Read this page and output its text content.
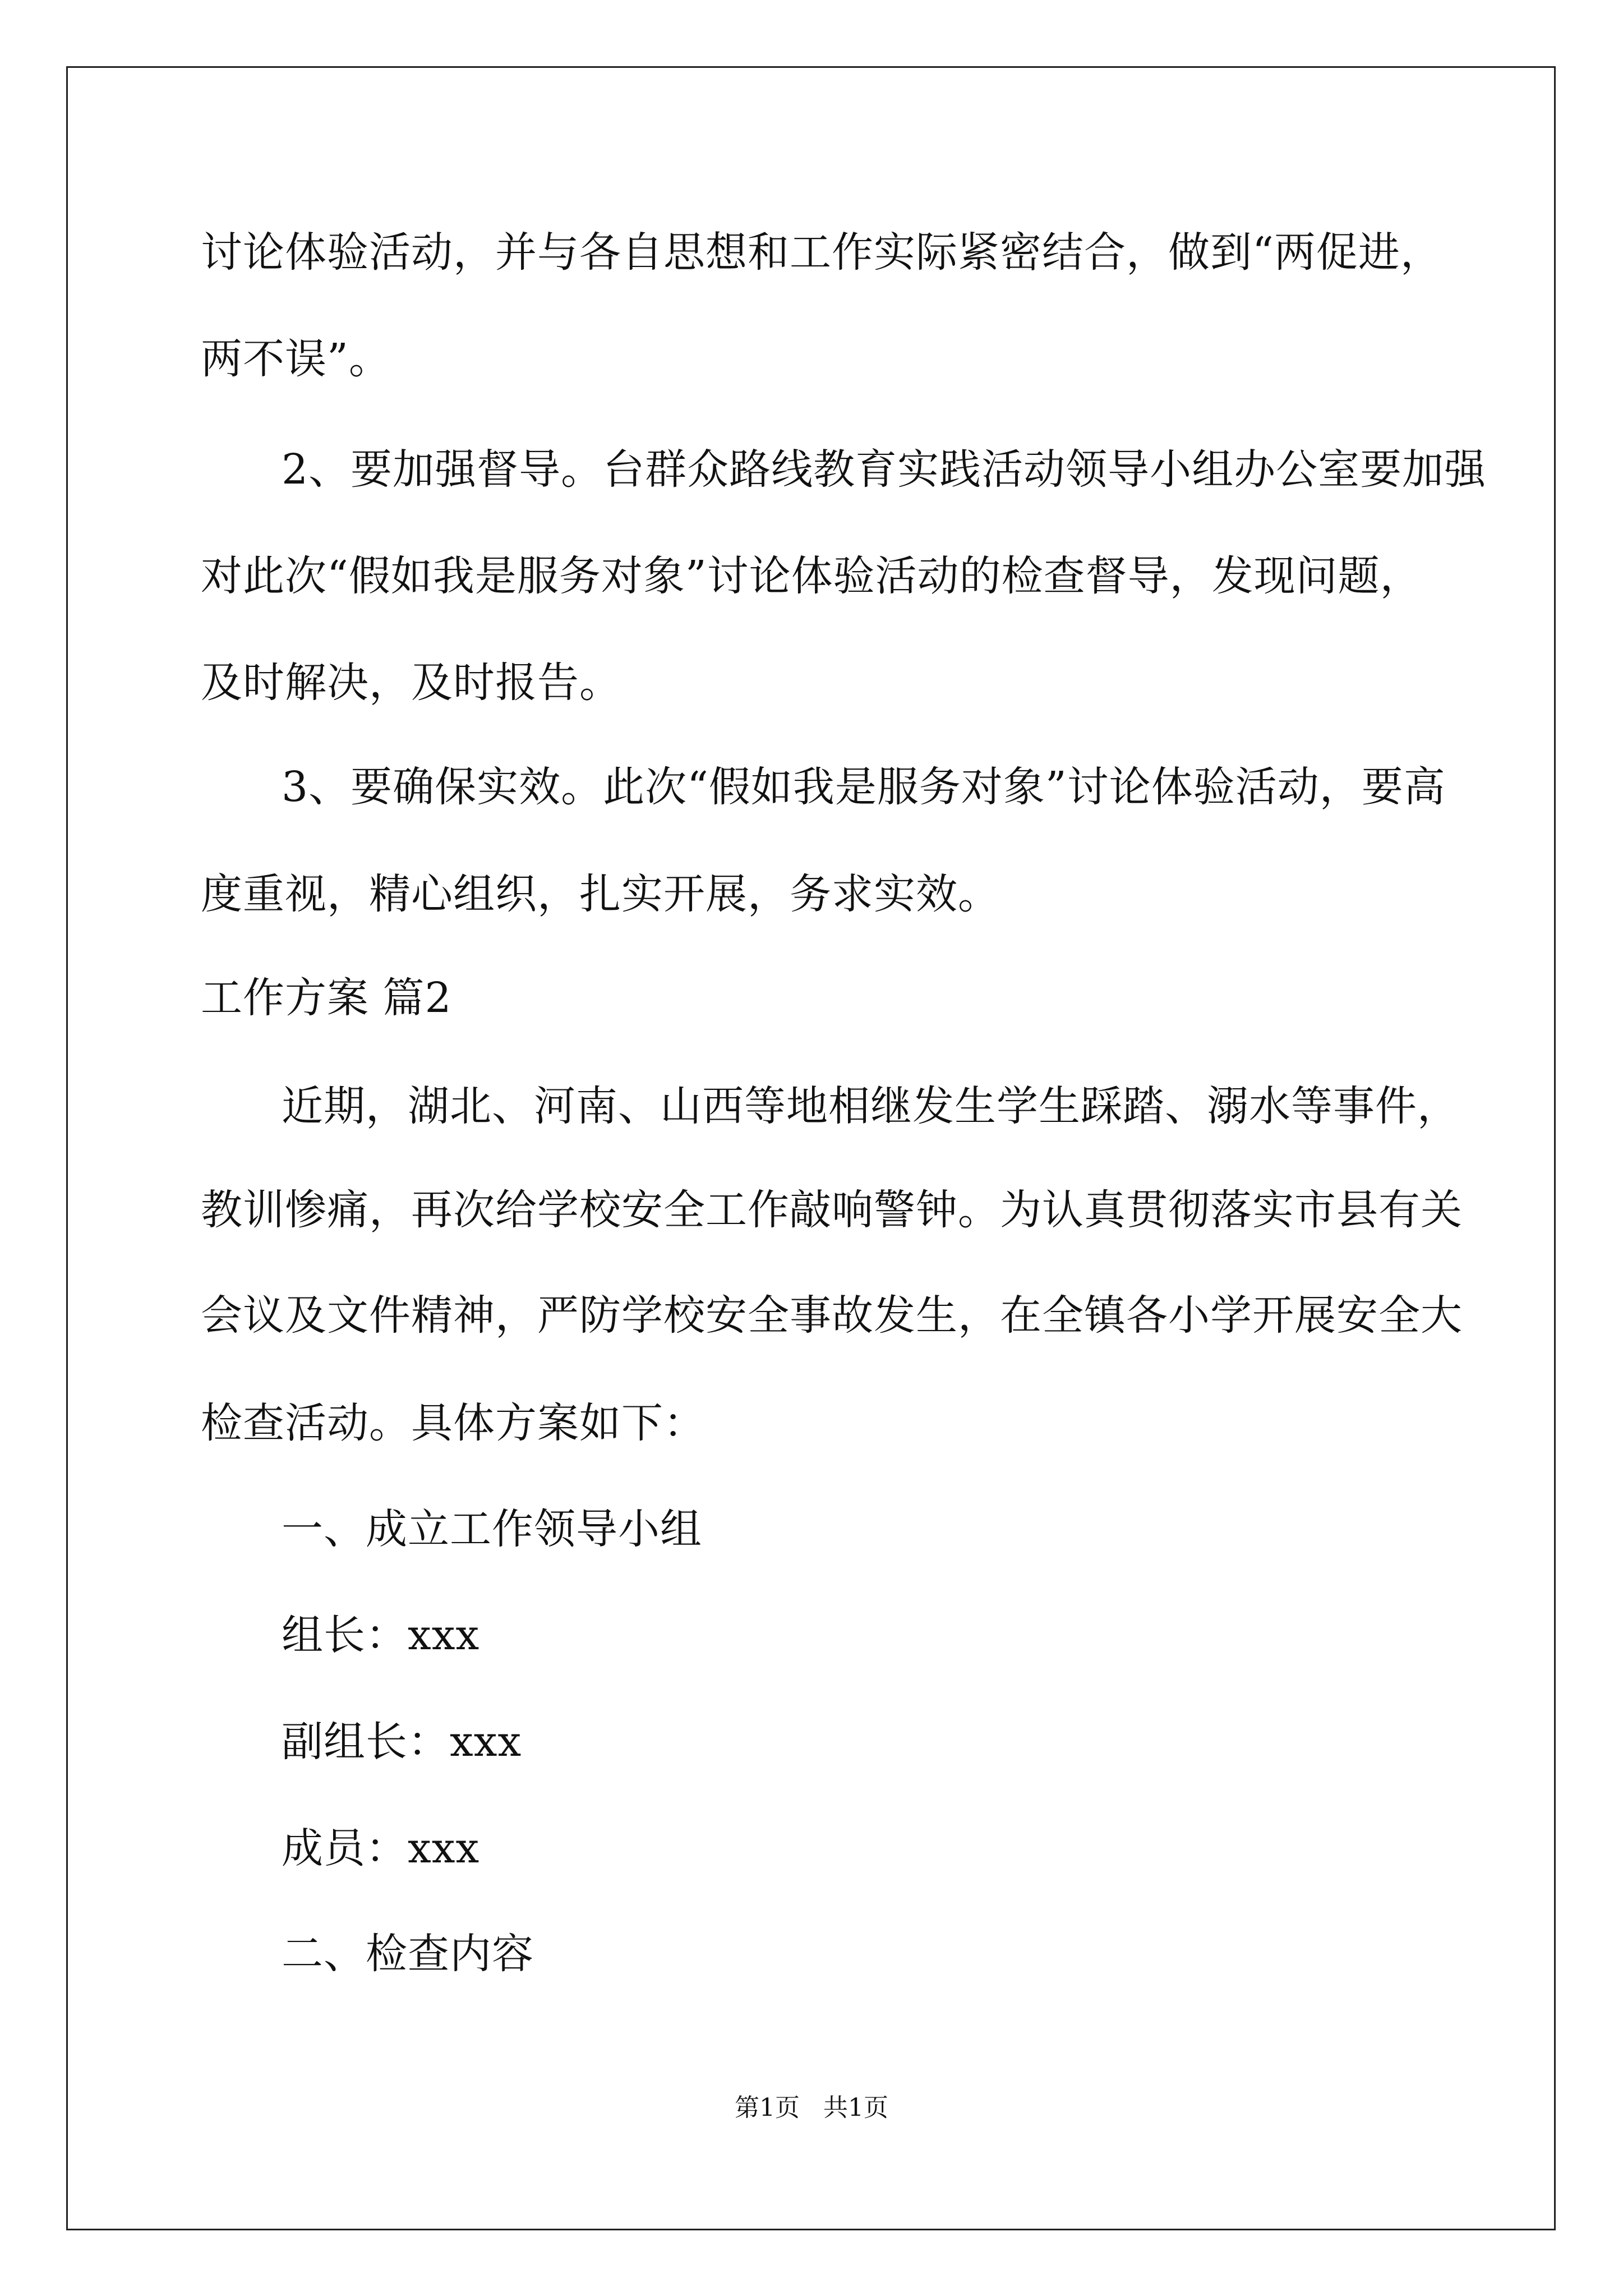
讨论体验活动，并与各自思想和工作实际紧密结合，做到“两促进，
两不误”。
2、要加强督导。台群众路线教育实践活动领导小组办公室要加强
对此次“假如我是服务对象”讨论体验活动的检查督导，发现问题，
及时解决，及时报告。
3、要确保实效。此次“假如我是服务对象”讨论体验活动，要高
度重视，精心组织，扎实开展，务求实效。
工作方案 篇2
近期，湖北、河南、山西等地相继发生学生踩踏、溺水等事件，
教训惨痛，再次给学校安全工作敲响警钟。为认真贯彻落实市县有关
会议及文件精神，严防学校安全事故发生，在全镇各小学开展安全大
检查活动。具体方案如下：
一、成立工作领导小组
组长：xxx
副组长：xxx
成员：xxx
二、检查内容
第1页   共1页
